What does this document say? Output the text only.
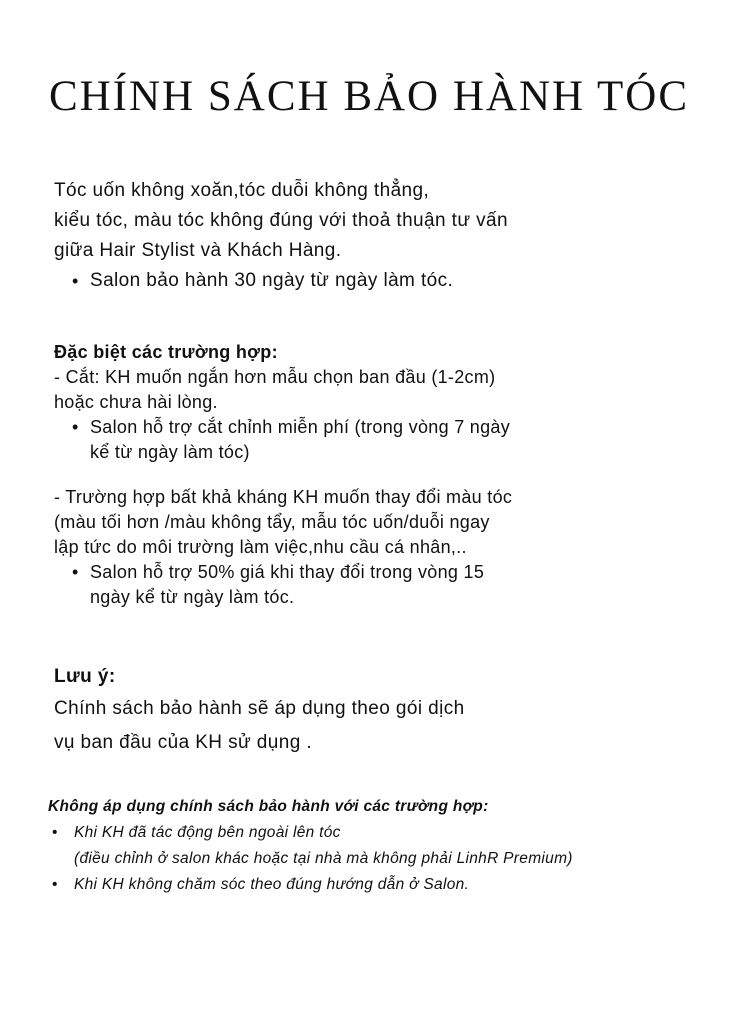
CHÍNH SÁCH BẢO HÀNH TÓC
Tóc uốn không xoăn,tóc duỗi không thẳng,
kiểu tóc, màu tóc không đúng với thoả thuận tư vấn
giữa Hair Stylist và Khách Hàng.
• Salon bảo hành 30 ngày từ ngày làm tóc.
Đặc biệt các trường hợp:
- Cắt: KH muốn ngắn hơn mẫu chọn ban đầu (1-2cm)
hoặc chưa hài lòng.
• Salon hỗ trợ cắt chỉnh miễn phí (trong vòng 7 ngày
kể từ ngày làm tóc)
- Trường hợp bất khả kháng KH muốn thay đổi màu tóc
(màu tối hơn /màu không tẩy, mẫu tóc uốn/duỗi ngay
lập tức do môi trường làm việc,nhu cầu cá nhân,..
• Salon hỗ trợ 50% giá khi thay đổi trong vòng 15
ngày kể từ ngày làm tóc.
Lưu ý:
Chính sách bảo hành sẽ áp dụng theo gói dịch
vụ ban đầu của KH sử dụng .
Không áp dụng chính sách bảo hành với các trường hợp:
• Khi KH đã tác động bên ngoài lên tóc
(điều chỉnh ở salon khác hoặc tại nhà mà không phải LinhR Premium)
• Khi KH không chăm sóc theo đúng hướng dẫn ở Salon.
